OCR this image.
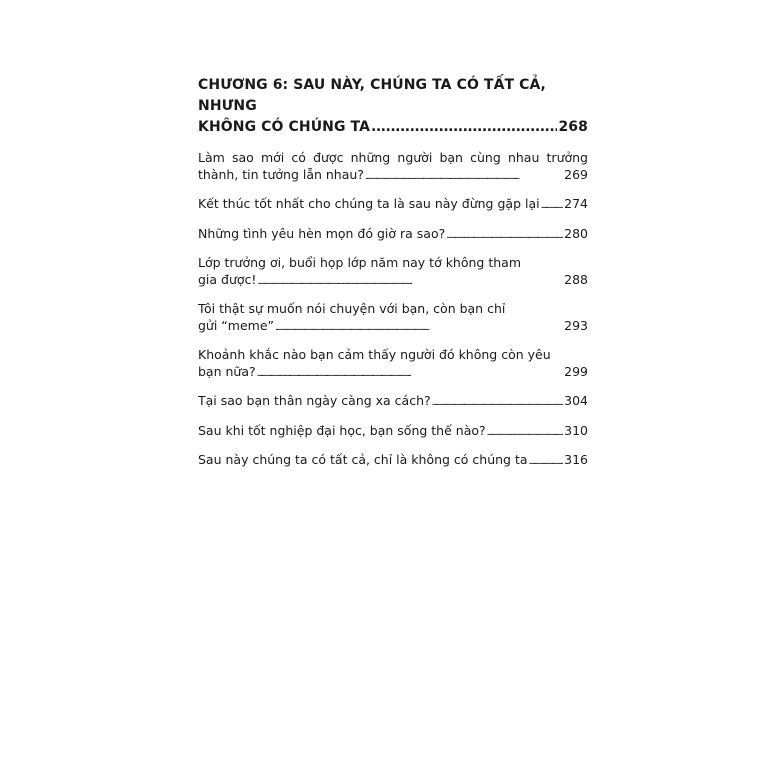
CHƯƠNG 6: SAU NÀY, CHÚNG TA CÓ TẤT CẢ, NHƯNG
KHÔNG CÓ CHÚNG TA .....	268
Làm sao mới có được những người bạn cùng nhau trưởng
thành, tin tưởng lẫn nhau? . . .	269
Kết thúc tốt nhất cho chúng ta là sau này đừng gặp lại . . . 274
Những tình yêu hèn mọn đó giờ ra sao? . . .	280
Lớp trưởng ơi, buổi họp lớp năm nay tớ không tham
gia được! . . .	288
Tôi thật sự muốn nói chuyện với bạn, còn bạn chỉ
gửi “meme” . . .	293
Khoảnh khắc nào bạn cảm thấy người đó không còn yêu
bạn nữa? . . .	299
Tại sao bạn thân ngày càng xa cách? . . .	304
Sau khi tốt nghiệp đại học, bạn sống thế nào? . . .	310
Sau này chúng ta có tất cả, chỉ là không có chúng ta . . .	316
